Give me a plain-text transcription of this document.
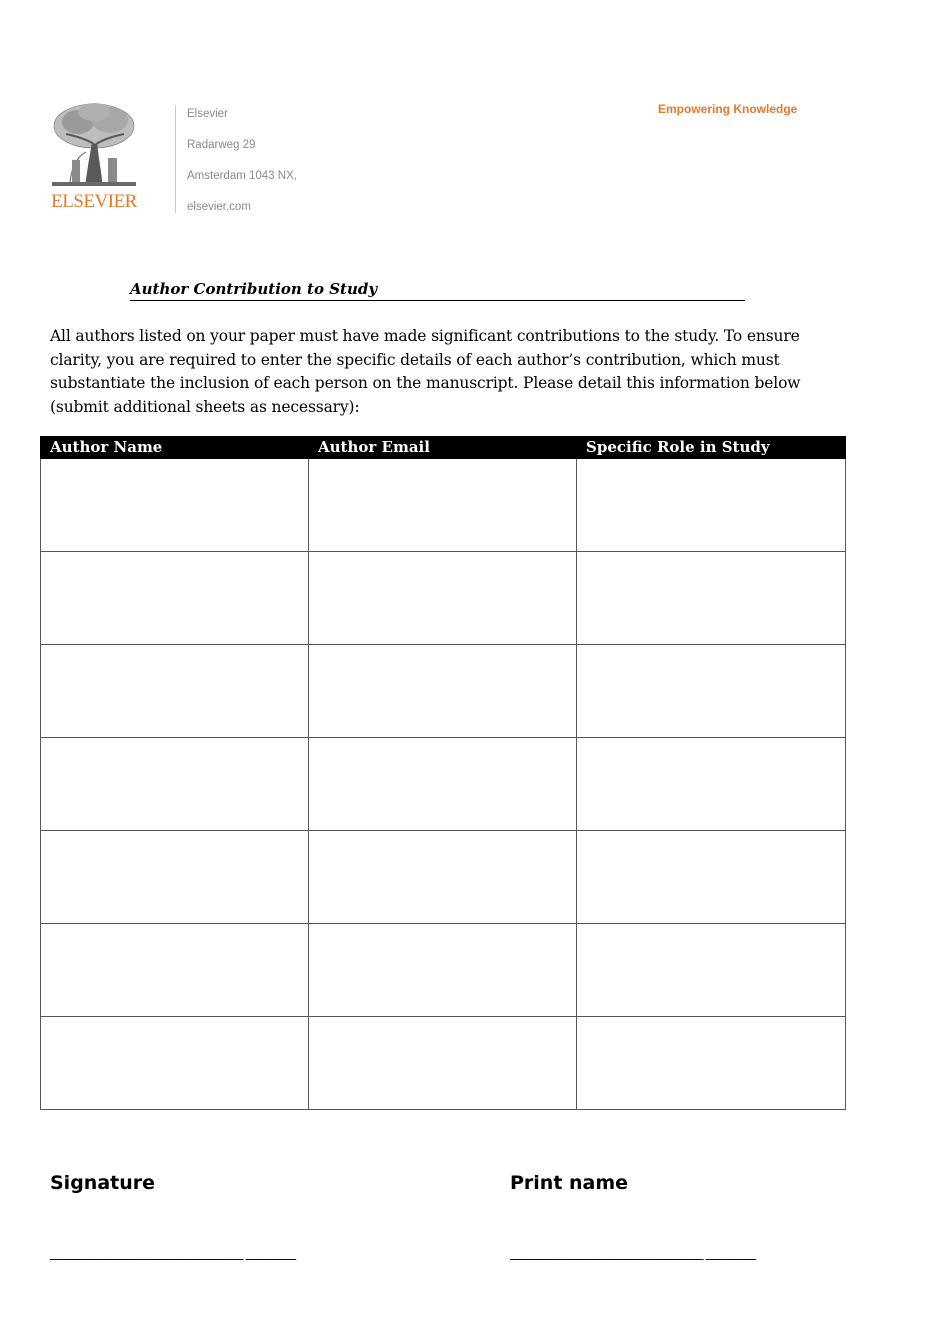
ELSEVIER
Elsevier
Radarweg 29
Amsterdam 1043 NX,
elsevier.com
Empowering Knowledge
Author Contribution to Study
All authors listed on your paper must have made significant contributions to the study. To ensure clarity, you are required to enter the specific details of each author’s contribution, which must substantiate the inclusion of each person on the manuscript. Please detail this information below (submit additional sheets as necessary):
Author Name	Author Email	Specific Role in Study

Signature	Print name
___________________________________ _________	___________________________________ _________
